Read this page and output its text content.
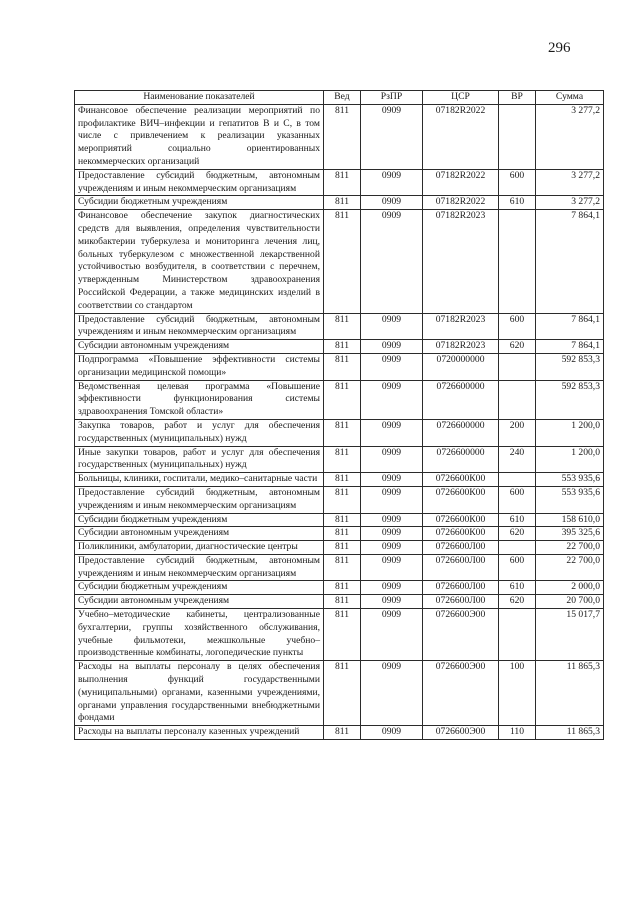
296
Наименование показателей	Вед	РзПР	ЦСР	ВР	Сумма
Финансовое обеспечение реализации мероприятий по профилактике ВИЧ–инфекции и гепатитов В и С, в том числе с привлечением к реализации указанных мероприятий социально ориентированных некоммерческих организаций	811	0909	07182R2022		3 277,2
Предоставление субсидий бюджетным, автономным учреждениям и иным некоммерческим организациям	811	0909	07182R2022	600	3 277,2
Субсидии бюджетным учреждениям	811	0909	07182R2022	610	3 277,2
Финансовое обеспечение закупок диагностических средств для выявления, определения чувствительности микобактерии туберкулеза и мониторинга лечения лиц, больных туберкулезом с множественной лекарственной устойчивостью возбудителя, в соответствии с перечнем, утвержденным Министерством здравоохранения Российской Федерации, а также медицинских изделий в соответствии со стандартом	811	0909	07182R2023		7 864,1
Предоставление субсидий бюджетным, автономным учреждениям и иным некоммерческим организациям	811	0909	07182R2023	600	7 864,1
Субсидии автономным учреждениям	811	0909	07182R2023	620	7 864,1
Подпрограмма «Повышение эффективности системы организации медицинской помощи»	811	0909	0720000000		592 853,3
Ведомственная целевая программа «Повышение эффективности функционирования системы здравоохранения Томской области»	811	0909	0726600000		592 853,3
Закупка товаров, работ и услуг для обеспечения государственных (муниципальных) нужд	811	0909	0726600000	200	1 200,0
Иные закупки товаров, работ и услуг для обеспечения государственных (муниципальных) нужд	811	0909	0726600000	240	1 200,0
Больницы, клиники, госпитали, медико–санитарные части	811	0909	0726600К00		553 935,6
Предоставление субсидий бюджетным, автономным учреждениям и иным некоммерческим организациям	811	0909	0726600К00	600	553 935,6
Субсидии бюджетным учреждениям	811	0909	0726600К00	610	158 610,0
Субсидии автономным учреждениям	811	0909	0726600К00	620	395 325,6
Поликлиники, амбулатории, диагностические центры	811	0909	0726600Л00		22 700,0
Предоставление субсидий бюджетным, автономным учреждениям и иным некоммерческим организациям	811	0909	0726600Л00	600	22 700,0
Субсидии бюджетным учреждениям	811	0909	0726600Л00	610	2 000,0
Субсидии автономным учреждениям	811	0909	0726600Л00	620	20 700,0
Учебно–методические кабинеты, централизованные бухгалтерии, группы хозяйственного обслуживания, учебные фильмотеки, межшкольные учебно–производственные комбинаты, логопедические пункты	811	0909	0726600Э00		15 017,7
Расходы на выплаты персоналу в целях обеспечения выполнения функций государственными (муниципальными) органами, казенными учреждениями, органами управления государственными внебюджетными фондами	811	0909	0726600Э00	100	11 865,3
Расходы на выплаты персоналу казенных учреждений	811	0909	0726600Э00	110	11 865,3
